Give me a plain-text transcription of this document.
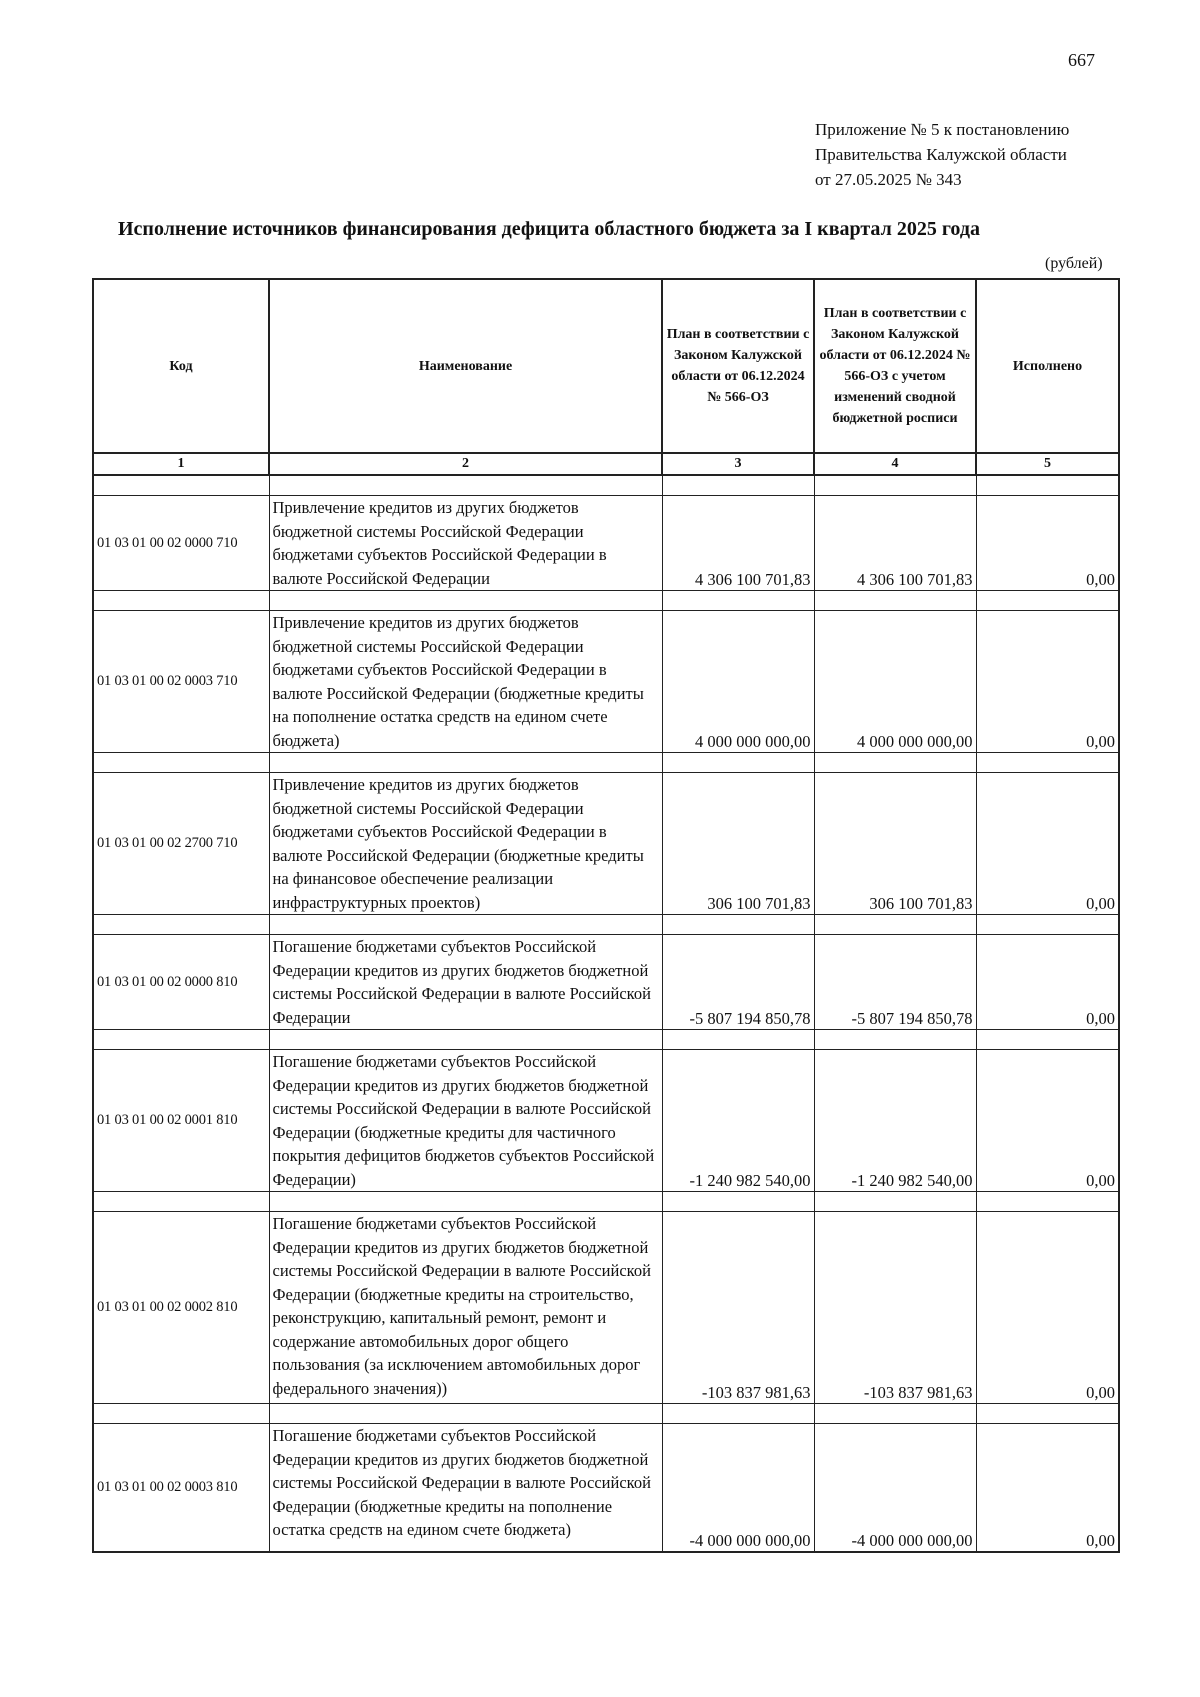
667
Приложение № 5 к постановлению
Правительства Калужской области
от 27.05.2025 № 343
Исполнение источников финансирования дефицита областного бюджета за I квартал 2025 года
(рублей)
Код	Наименование	План в соответствии с Законом Калужской области от 06.12.2024 № 566-ОЗ	План в соответствии с Законом Калужской области от 06.12.2024 № 566-ОЗ с учетом изменений сводной бюджетной росписи	Исполнено
1	2	3	4	5

01 03 01 00 02 0000 710	Привлечение кредитов из других бюджетов бюджетной системы Российской Федерации бюджетами субъектов Российской Федерации в валюте Российской Федерации	4 306 100 701,83	4 306 100 701,83	0,00

01 03 01 00 02 0003 710	Привлечение кредитов из других бюджетов бюджетной системы Российской Федерации бюджетами субъектов Российской Федерации в валюте Российской Федерации (бюджетные кредиты на пополнение остатка средств на едином счете бюджета)	4 000 000 000,00	4 000 000 000,00	0,00

01 03 01 00 02 2700 710	Привлечение кредитов из других бюджетов бюджетной системы Российской Федерации бюджетами субъектов Российской Федерации в валюте Российской Федерации (бюджетные кредиты на финансовое обеспечение реализации инфраструктурных проектов)	306 100 701,83	306 100 701,83	0,00

01 03 01 00 02 0000 810	Погашение бюджетами субъектов Российской Федерации кредитов из других бюджетов бюджетной системы Российской Федерации в валюте Российской Федерации	-5 807 194 850,78	-5 807 194 850,78	0,00

01 03 01 00 02 0001 810	Погашение бюджетами субъектов Российской Федерации кредитов из других бюджетов бюджетной системы Российской Федерации в валюте Российской Федерации (бюджетные кредиты для частичного покрытия дефицитов бюджетов субъектов Российской Федерации)	-1 240 982 540,00	-1 240 982 540,00	0,00

01 03 01 00 02 0002 810	Погашение бюджетами субъектов Российской Федерации кредитов из других бюджетов бюджетной системы Российской Федерации в валюте Российской Федерации (бюджетные кредиты на строительство, реконструкцию, капитальный ремонт, ремонт и содержание автомобильных дорог общего пользования (за исключением автомобильных дорог федерального значения))	-103 837 981,63	-103 837 981,63	0,00

01 03 01 00 02 0003 810	Погашение бюджетами субъектов Российской Федерации кредитов из других бюджетов бюджетной системы Российской Федерации в валюте Российской Федерации (бюджетные кредиты на пополнение остатка средств на едином счете бюджета)	-4 000 000 000,00	-4 000 000 000,00	0,00
